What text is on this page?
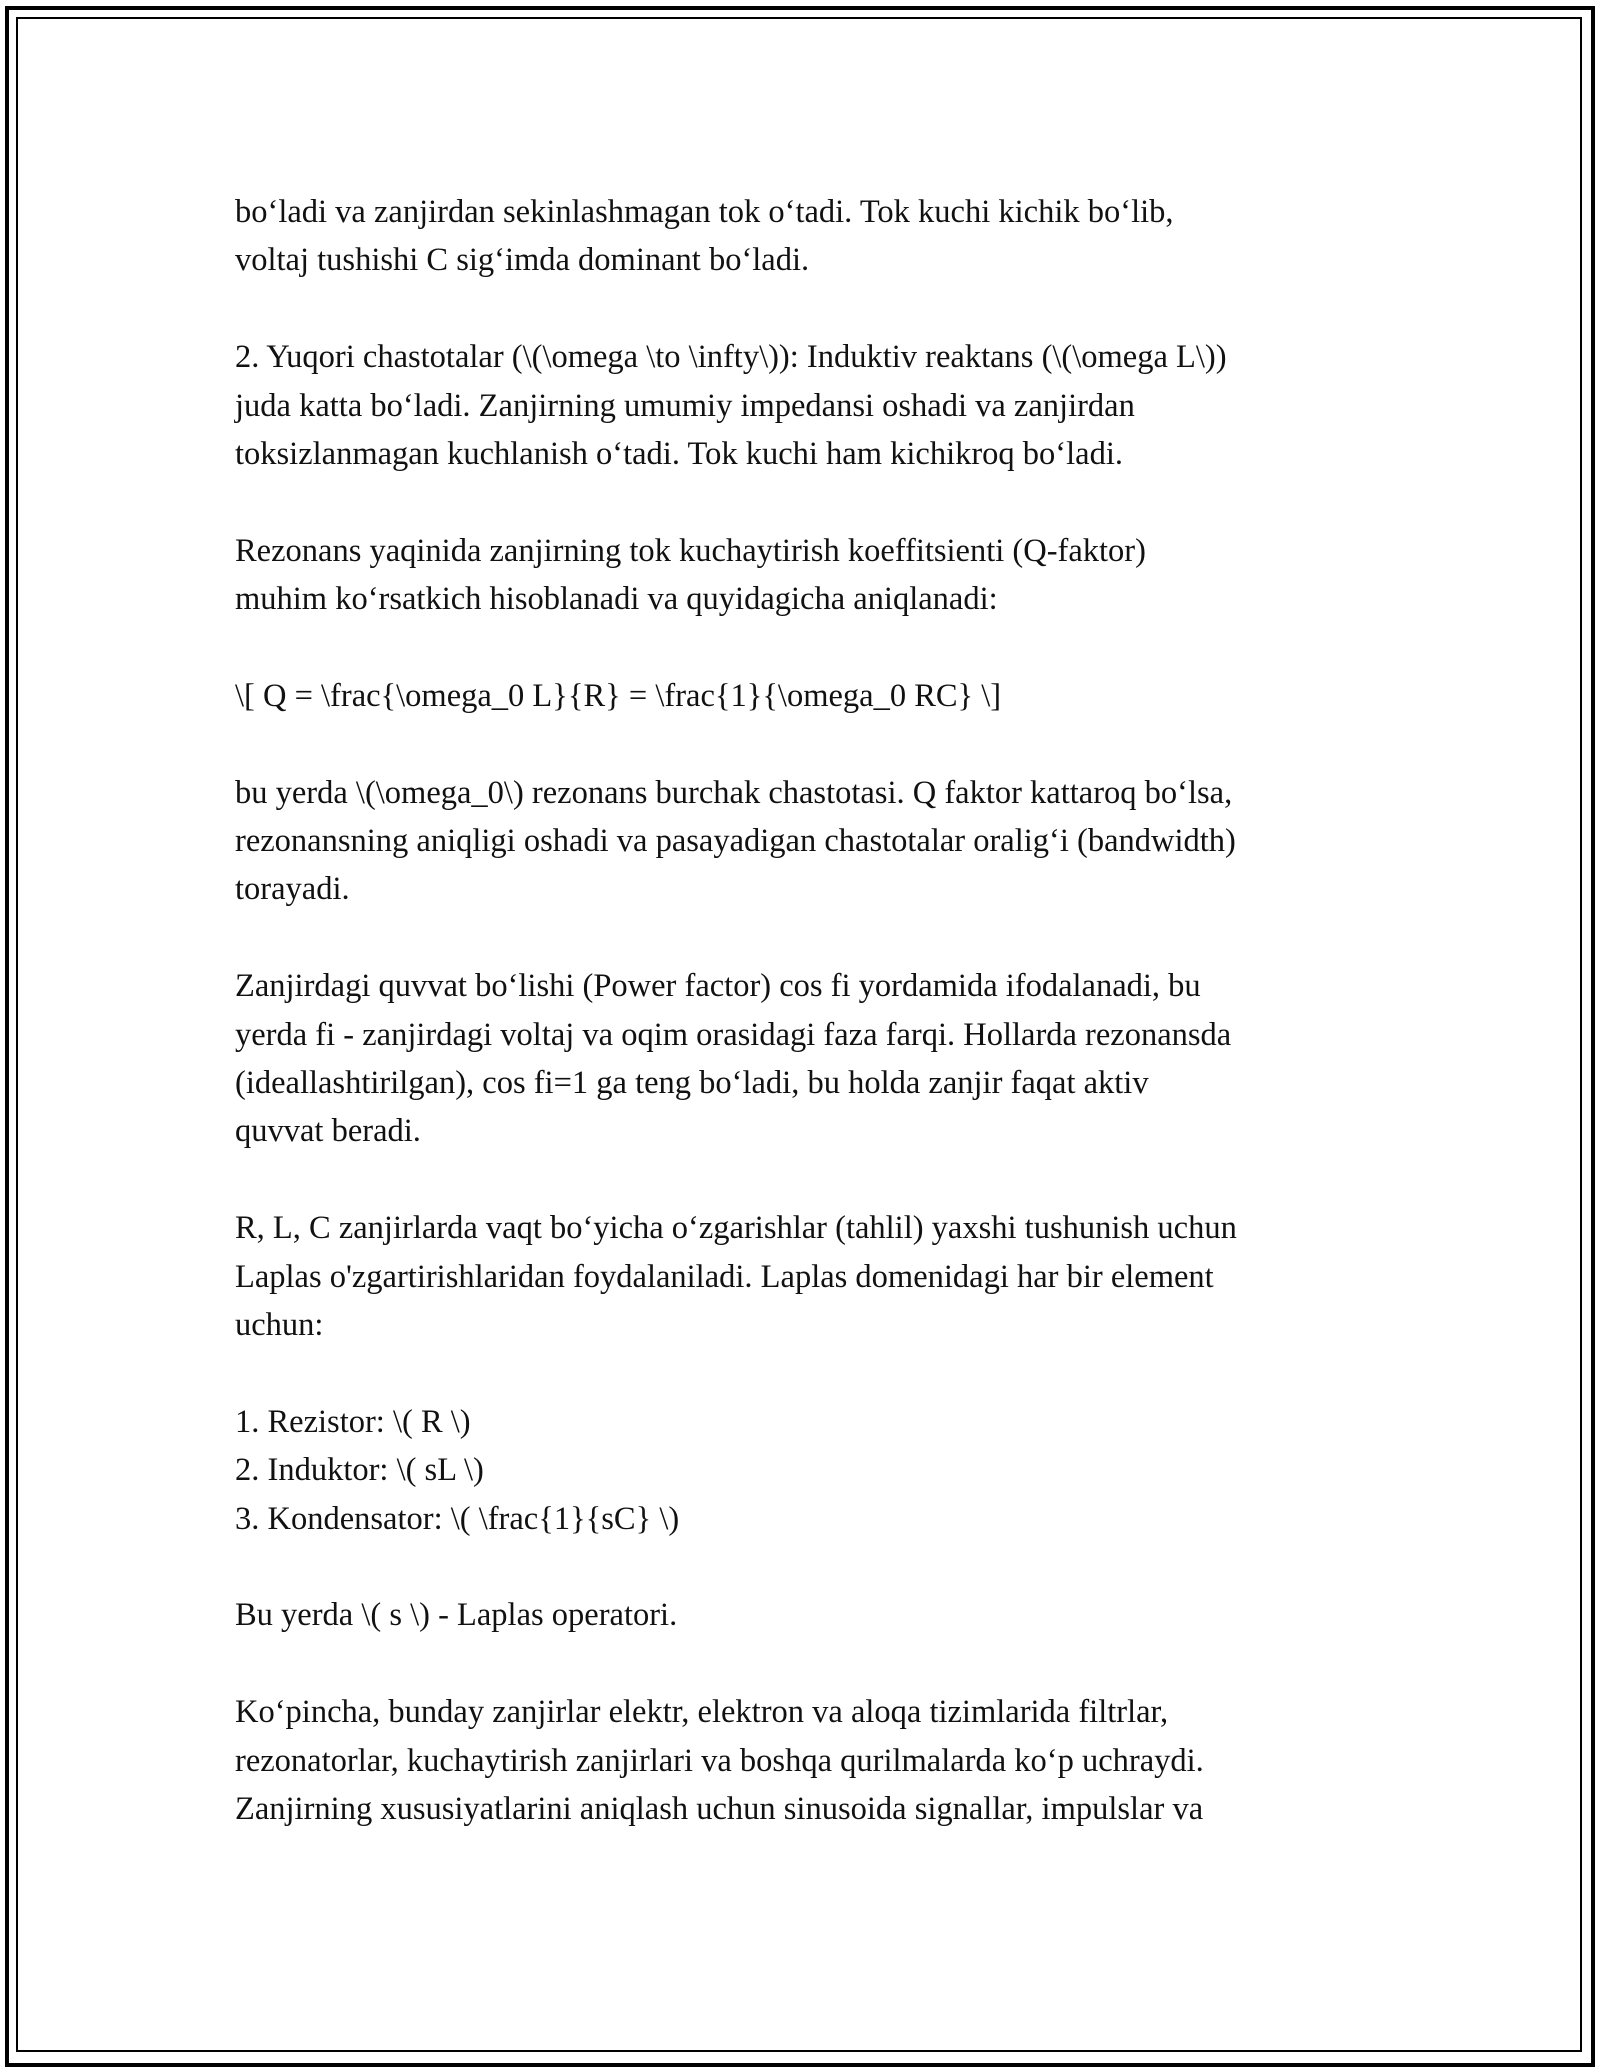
bo‘ladi va zanjirdan sekinlashmagan tok o‘tadi. Tok kuchi kichik bo‘lib,
voltaj tushishi C sig‘imda dominant bo‘ladi.
2. Yuqori chastotalar (\(\omega \to \infty\)): Induktiv reaktans (\(\omega L\))
juda katta bo‘ladi. Zanjirning umumiy impedansi oshadi va zanjirdan
toksizlanmagan kuchlanish o‘tadi. Tok kuchi ham kichikroq bo‘ladi.
Rezonans yaqinida zanjirning tok kuchaytirish koeffitsienti (Q-faktor)
muhim ko‘rsatkich hisoblanadi va quyidagicha aniqlanadi:
\[ Q = \frac{\omega_0 L}{R} = \frac{1}{\omega_0 RC} \]
bu yerda \(\omega_0\) rezonans burchak chastotasi. Q faktor kattaroq bo‘lsa,
rezonansning aniqligi oshadi va pasayadigan chastotalar oralig‘i (bandwidth)
torayadi.
Zanjirdagi quvvat bo‘lishi (Power factor) cos fi yordamida ifodalanadi, bu
yerda fi - zanjirdagi voltaj va oqim orasidagi faza farqi. Hollarda rezonansda
(ideallashtirilgan), cos fi=1 ga teng bo‘ladi, bu holda zanjir faqat aktiv
quvvat beradi.
R, L, C zanjirlarda vaqt bo‘yicha o‘zgarishlar (tahlil) yaxshi tushunish uchun
Laplas o'zgartirishlaridan foydalaniladi. Laplas domenidagi har bir element
uchun:
1. Rezistor: \( R \)
2. Induktor: \( sL \)
3. Kondensator: \( \frac{1}{sC} \)
Bu yerda \( s \) - Laplas operatori.
Ko‘pincha, bunday zanjirlar elektr, elektron va aloqa tizimlarida filtrlar,
rezonatorlar, kuchaytirish zanjirlari va boshqa qurilmalarda ko‘p uchraydi.
Zanjirning xususiyatlarini aniqlash uchun sinusoida signallar, impulslar va
